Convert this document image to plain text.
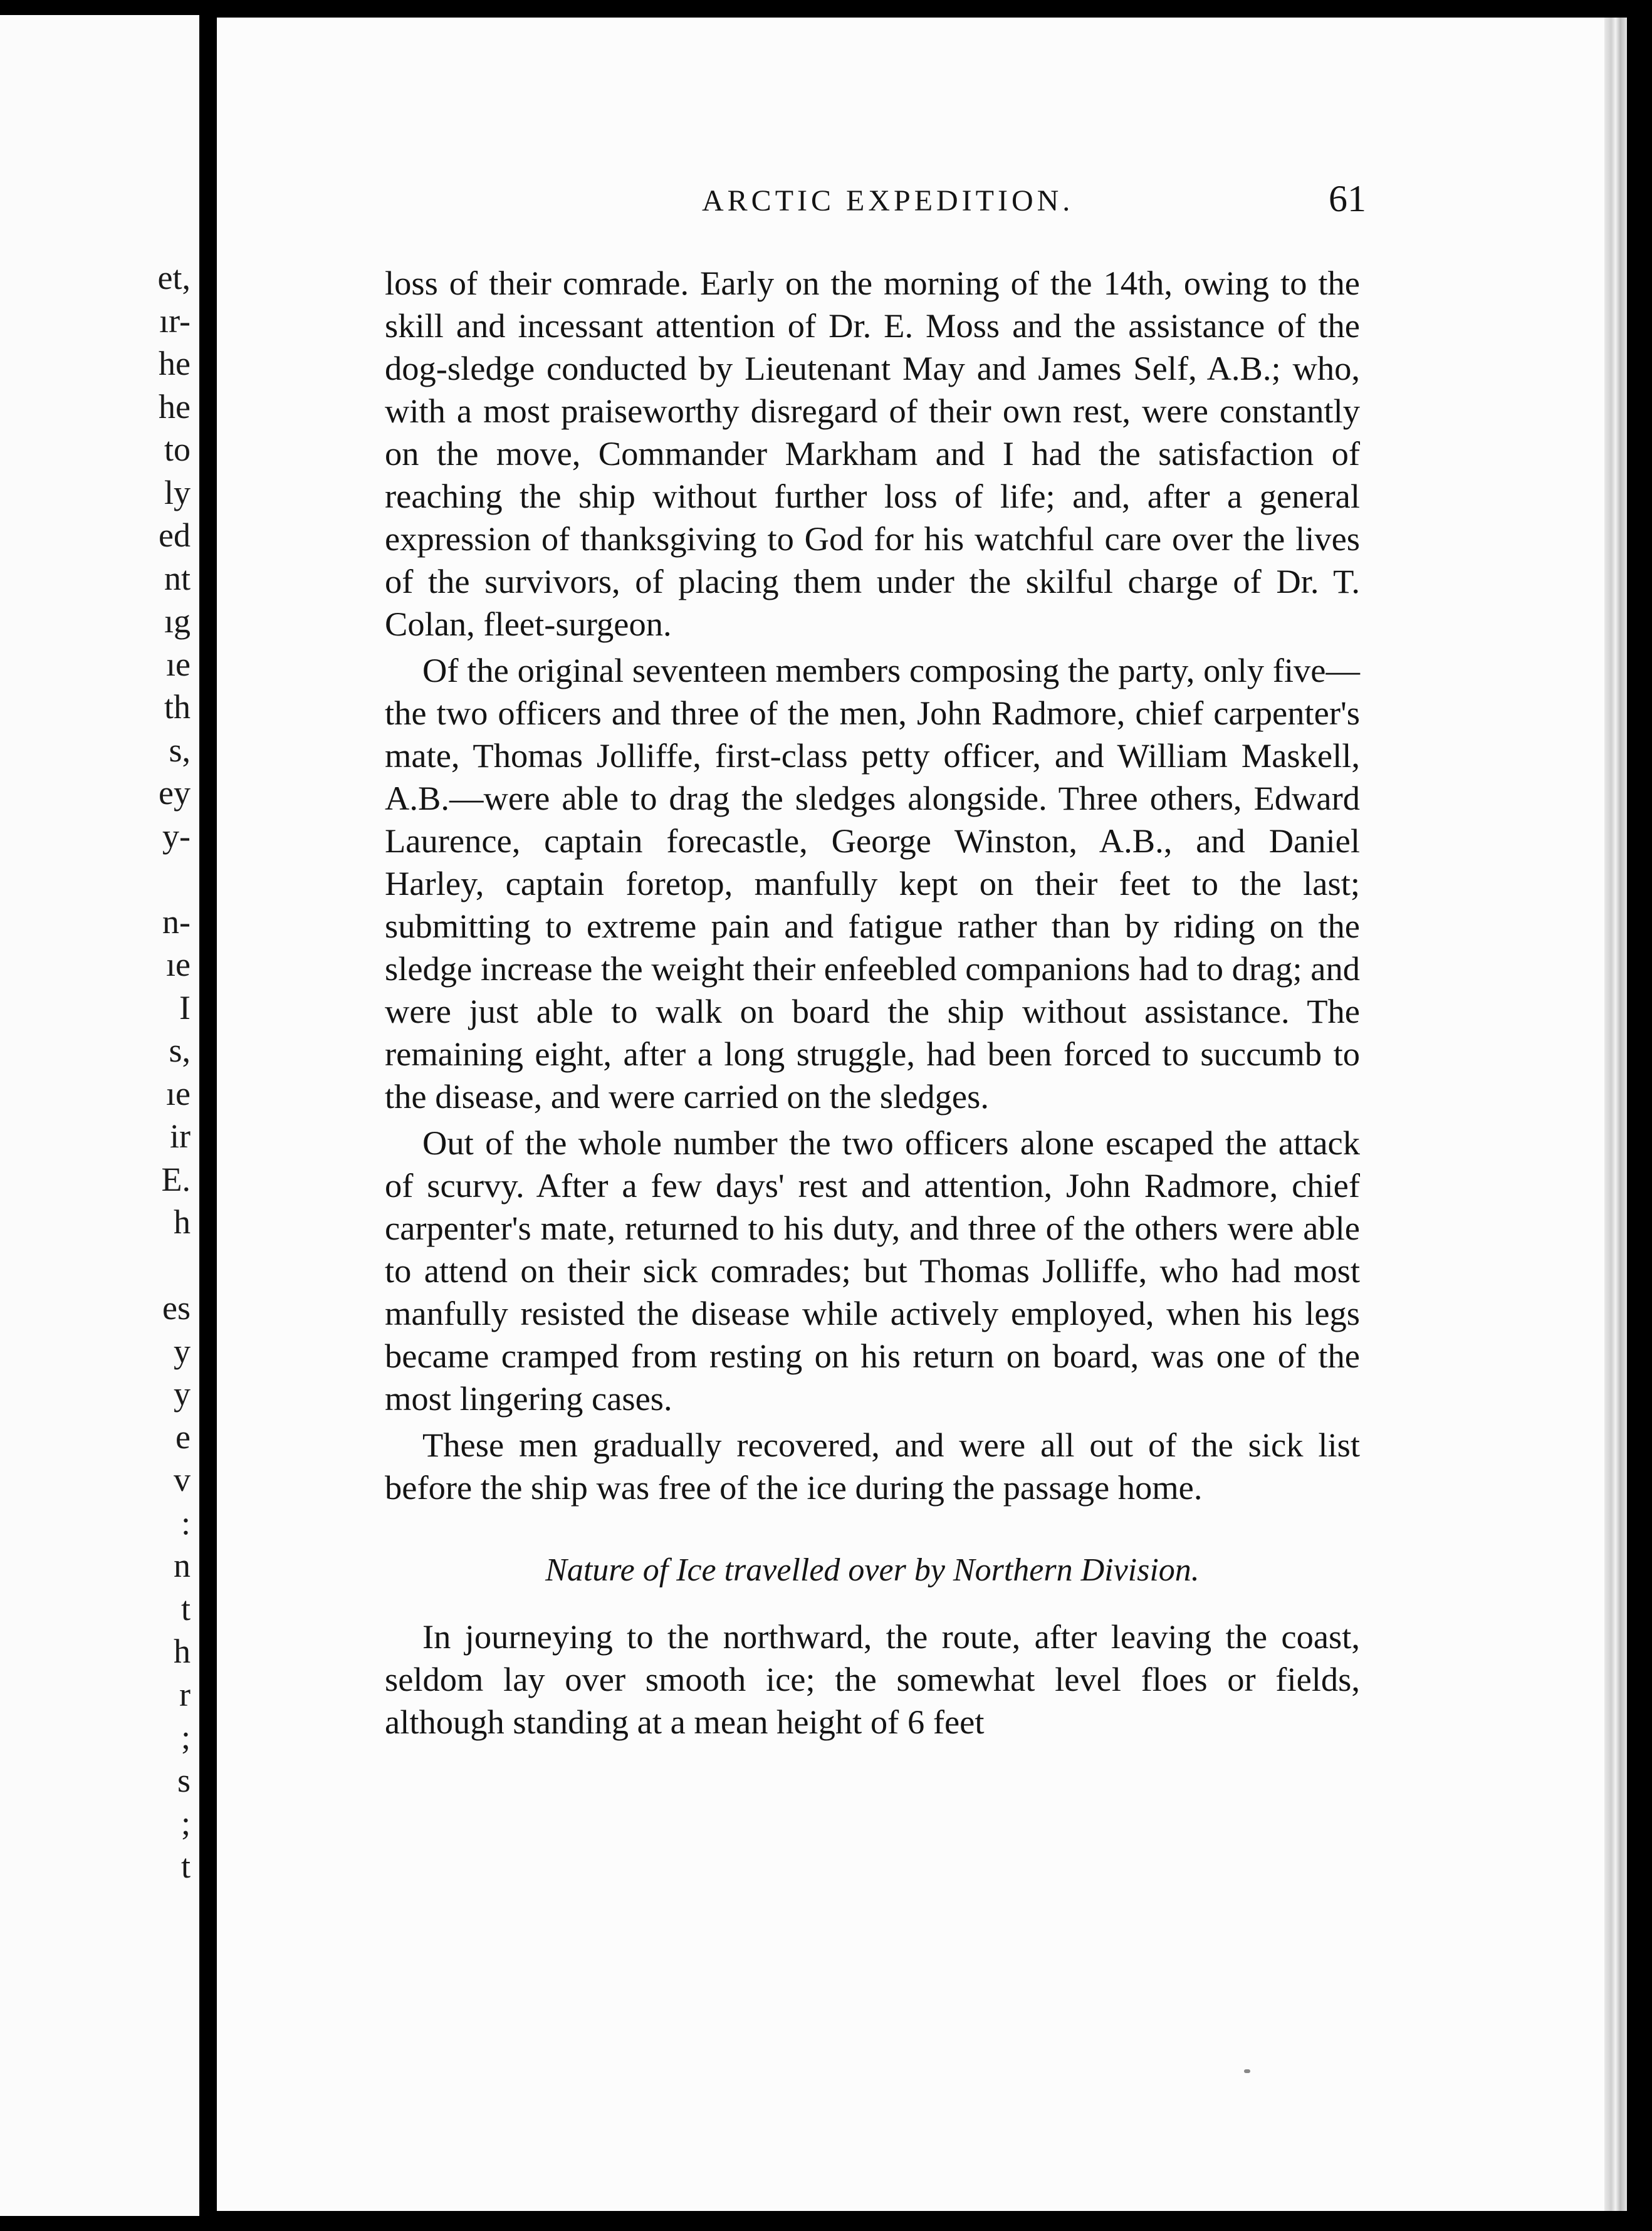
et,
ır-
he
he
to
ly
ed
nt
ıg
ıe
th
s,
ey
y-
n-
ıe
I
s,
ıe
ir
E.
h
es
y
y
e
v
:
n
t
h
r
;
s
;
t
ARCTIC EXPEDITION.	61

loss of their comrade. Early on the morning of the 14th, owing to the skill and incessant attention of Dr. E. Moss and the assistance of the dog-sledge conducted by Lieutenant May and James Self, A.B.; who, with a most praiseworthy disregard of their own rest, were constantly on the move, Commander Markham and I had the satisfaction of reaching the ship without further loss of life; and, after a general expression of thanksgiving to God for his watchful care over the lives of the survivors, of placing them under the skilful charge of Dr. T. Colan, fleet-surgeon.

Of the original seventeen members composing the party, only five—the two officers and three of the men, John Radmore, chief carpenter's mate, Thomas Jolliffe, first-class petty officer, and William Maskell, A.B.—were able to drag the sledges alongside. Three others, Edward Laurence, captain forecastle, George Winston, A.B., and Daniel Harley, captain foretop, manfully kept on their feet to the last; submitting to extreme pain and fatigue rather than by riding on the sledge increase the weight their enfeebled companions had to drag; and were just able to walk on board the ship without assistance. The remaining eight, after a long struggle, had been forced to succumb to the disease, and were carried on the sledges.

Out of the whole number the two officers alone escaped the attack of scurvy. After a few days' rest and attention, John Radmore, chief carpenter's mate, returned to his duty, and three of the others were able to attend on their sick comrades; but Thomas Jolliffe, who had most manfully resisted the disease while actively employed, when his legs became cramped from resting on his return on board, was one of the most lingering cases.

These men gradually recovered, and were all out of the sick list before the ship was free of the ice during the passage home.

Nature of Ice travelled over by Northern Division.

In journeying to the northward, the route, after leaving the coast, seldom lay over smooth ice; the somewhat level floes or fields, although standing at a mean height of 6 feet
